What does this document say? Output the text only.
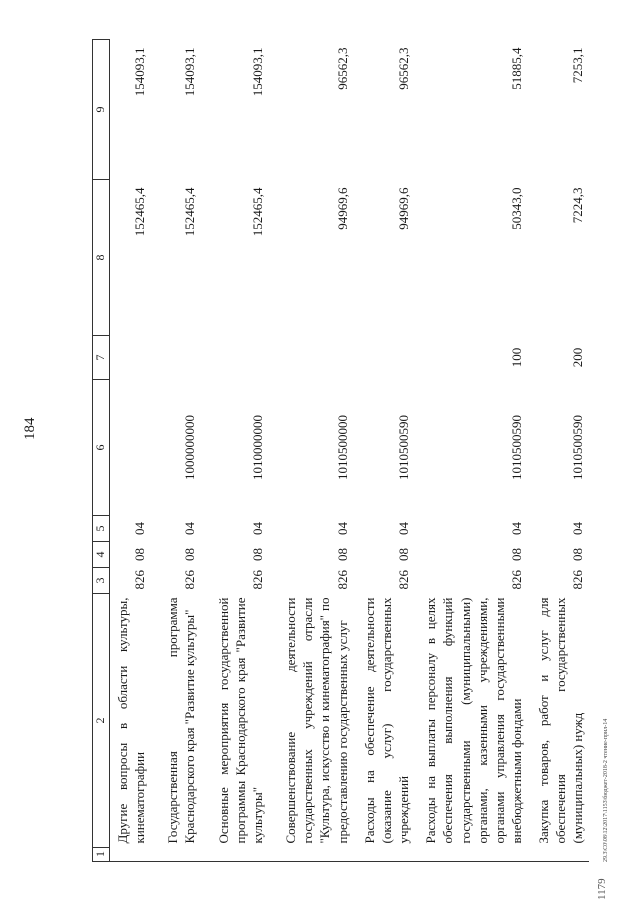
184
1179
29.3\С0\08\12\2017\1153\бюджет-2018-2 чтение-прил-14
1	2	3	4	5	6	7	8	9
	Другие вопросы в области культуры, кинематографии	826	08	04			152465,4	154093,1
	Государственная программа Краснодарского края "Развитие культуры"	826	08	04	1000000000		152465,4	154093,1
	Основные мероприятия государственной программы Краснодарского края "Развитие культуры"	826	08	04	1010000000		152465,4	154093,1
	Совершенствование деятельности государственных учреждений отрасли "Культура, искусство и кинематография" по предоставлению государственных услуг	826	08	04	1010500000		94969,6	96562,3
	Расходы на обеспечение деятельности (оказание услуг) государственных учреждений	826	08	04	1010500590		94969,6	96562,3
	Расходы на выплаты персоналу в целях обеспечения выполнения функций государственными (муниципальными) органами, казенными учреждениями, органами управления государственными внебюджетными фондами	826	08	04	1010500590	100	50343,0	51885,4
	Закупка товаров, работ и услуг для обеспечения государственных (муниципальных) нужд	826	08	04	1010500590	200	7224,3	7253,1
